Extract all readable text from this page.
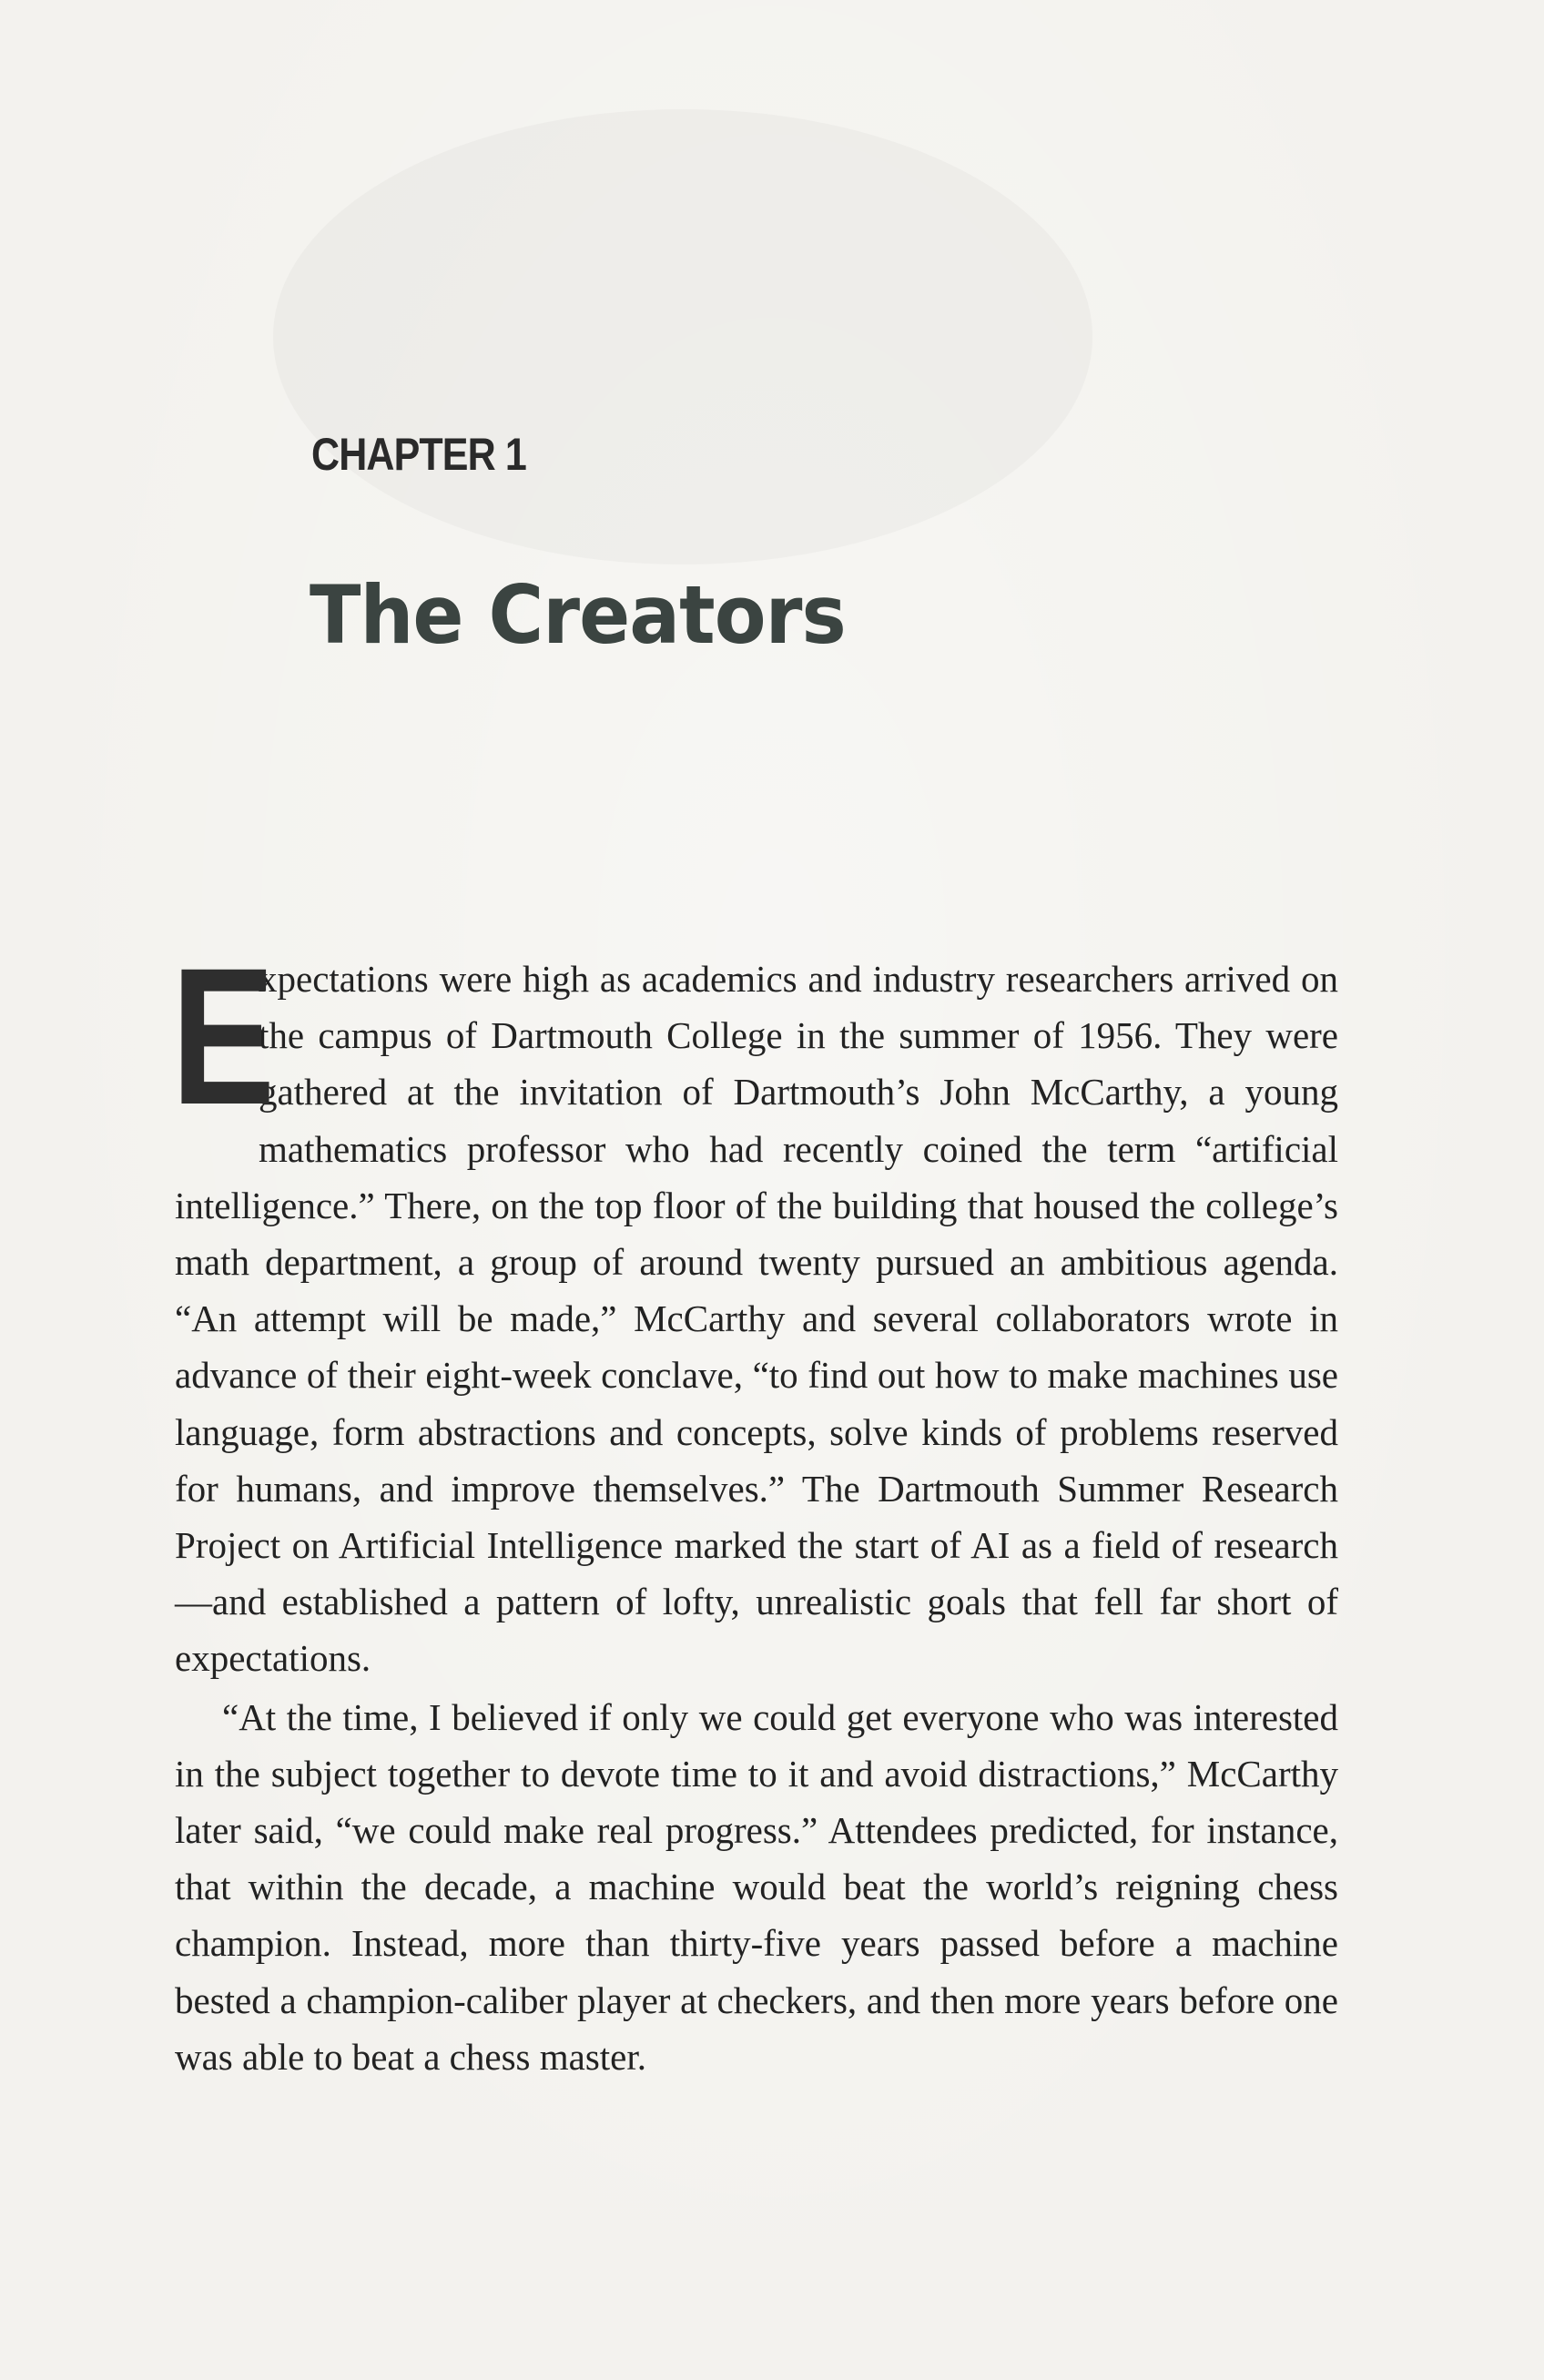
CHAPTER 1
The Creators

E
xpectations were high as academics and industry researchers arrived on the campus of Dartmouth College in the summer of 1956. They were gathered at the invitation of Dartmouth’s John McCarthy, a young mathematics professor who had recently coined the term “artificial intelligence.” There, on the top floor of the building that housed the college’s math department, a group of around twenty pursued an ambitious agenda. “An attempt will be made,” McCarthy and several collaborators wrote in advance of their eight-week conclave, “to find out how to make machines use language, form abstractions and concepts, solve kinds of problems reserved for humans, and improve themselves.” The Dartmouth Summer Research Project on Artificial Intelligence marked the start of AI as a field of research—and established a pattern of lofty, unrealistic goals that fell far short of expectations.

“At the time, I believed if only we could get everyone who was interested in the subject together to devote time to it and avoid distractions,” McCarthy later said, “we could make real progress.” Attendees predicted, for instance, that within the decade, a machine would beat the world’s reigning chess champion. Instead, more than thirty-five years passed before a machine bested a champion-caliber player at checkers, and then more years before one was able to beat a chess master.
